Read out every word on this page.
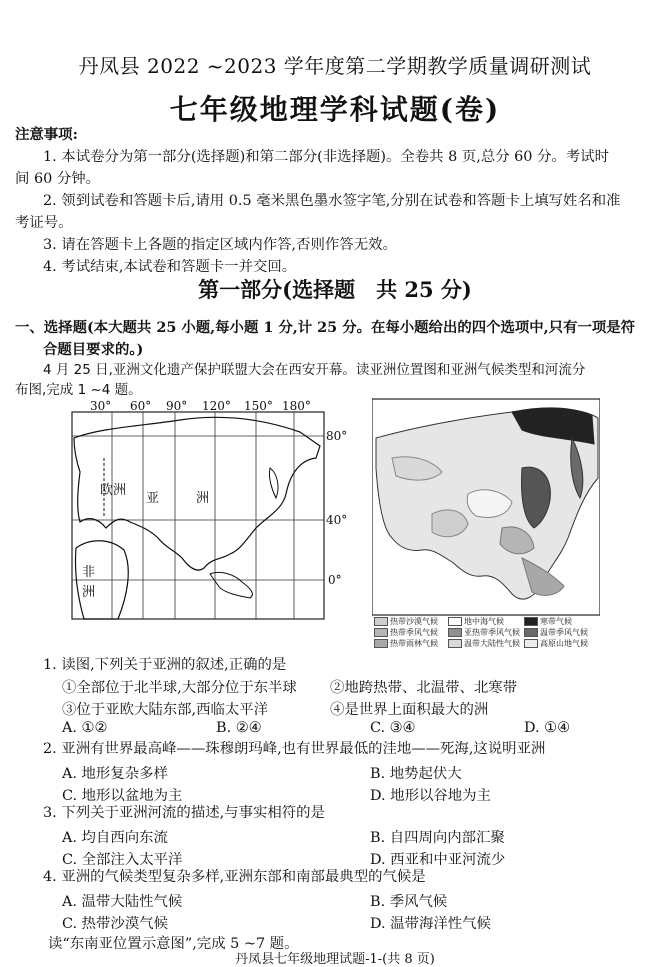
丹凤县 2022 ~2023 学年度第二学期教学质量调研测试
七年级地理学科试题(卷)
注意事项:
1. 本试卷分为第一部分(选择题)和第二部分(非选择题)。全卷共 8 页,总分 60 分。考试时
间 60 分钟。
2. 领到试卷和答题卡后,请用 0.5 毫米黑色墨水签字笔,分别在试卷和答题卡上填写姓名和准
考证号。
3. 请在答题卡上各题的指定区域内作答,否则作答无效。
4. 考试结束,本试卷和答题卡一并交回。
第一部分(选择题　共 25 分)
一、选择题(本大题共 25 小题,每小题 1 分,计 25 分。在每小题给出的四个选项中,只有一项是符
合题目要求的。)
4 月 25 日,亚洲文化遗产保护联盟大会在西安开幕。读亚洲位置图和亚洲气候类型和河流分
布图,完成 1 ~4 题。
30° 60° 90° 120° 150° 180°
80°
40°
0°
欧洲
亚	洲
非
洲
热带沙漠气候	地中海气候	寒带气候
热带季风气候	亚热带季风气候	温带季风气候
热带雨林气候	温带大陆性气候	高原山地气候
1. 读图,下列关于亚洲的叙述,正确的是
①全部位于北半球,大部分位于东半球 ②地跨热带、北温带、北寒带
③位于亚欧大陆东部,西临太平洋	④是世界上面积最大的洲
A. ①②	B. ②④	C. ③④	D. ①④
2. 亚洲有世界最高峰——珠穆朗玛峰,也有世界最低的洼地——死海,这说明亚洲
A. 地形复杂多样	B. 地势起伏大
C. 地形以盆地为主	D. 地形以谷地为主
3. 下列关于亚洲河流的描述,与事实相符的是
A. 均自西向东流	B. 自四周向内部汇聚
C. 全部注入太平洋	D. 西亚和中亚河流少
4. 亚洲的气候类型复杂多样,亚洲东部和南部最典型的气候是
A. 温带大陆性气候	B. 季风气候
C. 热带沙漠气候	D. 温带海洋性气候
读“东南亚位置示意图”,完成 5 ~7 题。
丹凤县七年级地理试题-1-(共 8 页)
